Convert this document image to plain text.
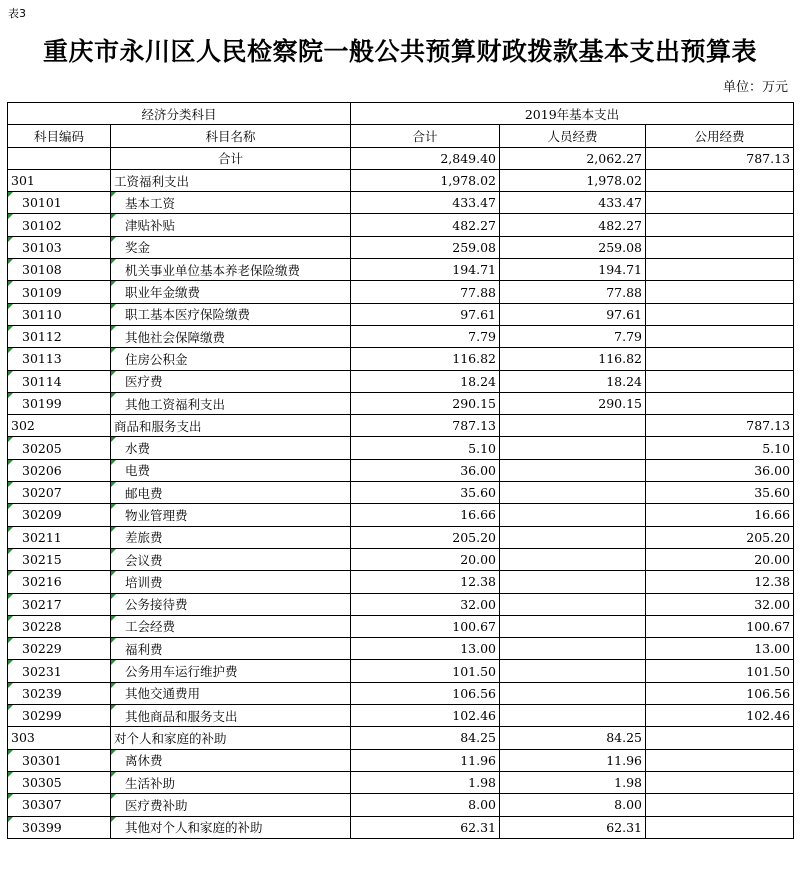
表3
重庆市永川区人民检察院一般公共预算财政拨款基本支出预算表
单位：万元
经济分类科目		2019年基本支出		
科目编码	科目名称	合计	人员经费	公用经费
	合计	2,849.40	2,062.27	787.13
301	工资福利支出	1,978.02	1,978.02	

30101	基本工资	433.47	433.47	

30102	津贴补贴	482.27	482.27	

30103	奖金	259.08	259.08	

30108	机关事业单位基本养老保险缴费	194.71	194.71	

30109	职业年金缴费	77.88	77.88	

30110	职工基本医疗保险缴费	97.61	97.61	

30112	其他社会保障缴费	7.79	7.79	

30113	住房公积金	116.82	116.82	

30114	医疗费	18.24	18.24	

30199	其他工资福利支出	290.15	290.15	
302	商品和服务支出	787.13		787.13

30205	水费	5.10		5.10

30206	电费	36.00		36.00

30207	邮电费	35.60		35.60

30209	物业管理费	16.66		16.66

30211	差旅费	205.20		205.20

30215	会议费	20.00		20.00

30216	培训费	12.38		12.38

30217	公务接待费	32.00		32.00

30228	工会经费	100.67		100.67

30229	福利费	13.00		13.00

30231	公务用车运行维护费	101.50		101.50

30239	其他交通费用	106.56		106.56

30299	其他商品和服务支出	102.46		102.46
303	对个人和家庭的补助	84.25	84.25	

30301	离休费	11.96	11.96	

30305	生活补助	1.98	1.98	

30307	医疗费补助	8.00	8.00	

30399	其他对个人和家庭的补助	62.31	62.31	
